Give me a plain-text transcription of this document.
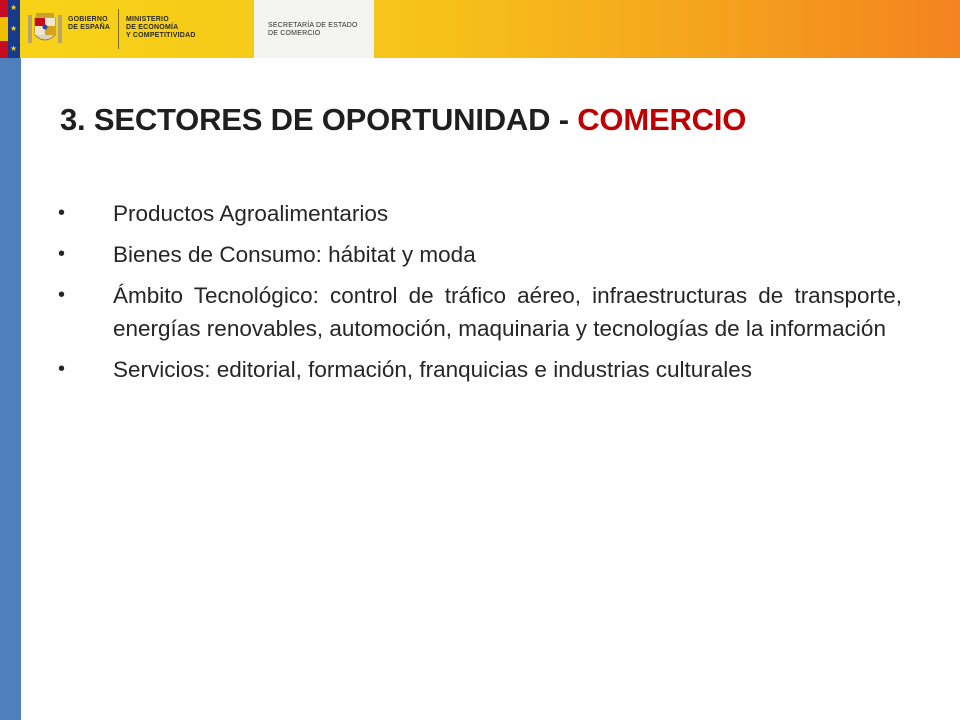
★
★
★
GOBIERNO
DE ESPAÑA
MINISTERIO
DE ECONOMÍA
Y COMPETITIVIDAD
SECRETARÍA DE ESTADO
DE COMERCIO
3. SECTORES DE OPORTUNIDAD - COMERCIO
• Productos Agroalimentarios
• Bienes de Consumo: hábitat y moda
• Ámbito Tecnológico: control de tráfico aéreo, infraestructuras de transporte, energías renovables, automoción, maquinaria y tecnologías de la información
• Servicios: editorial, formación, franquicias e industrias culturales
